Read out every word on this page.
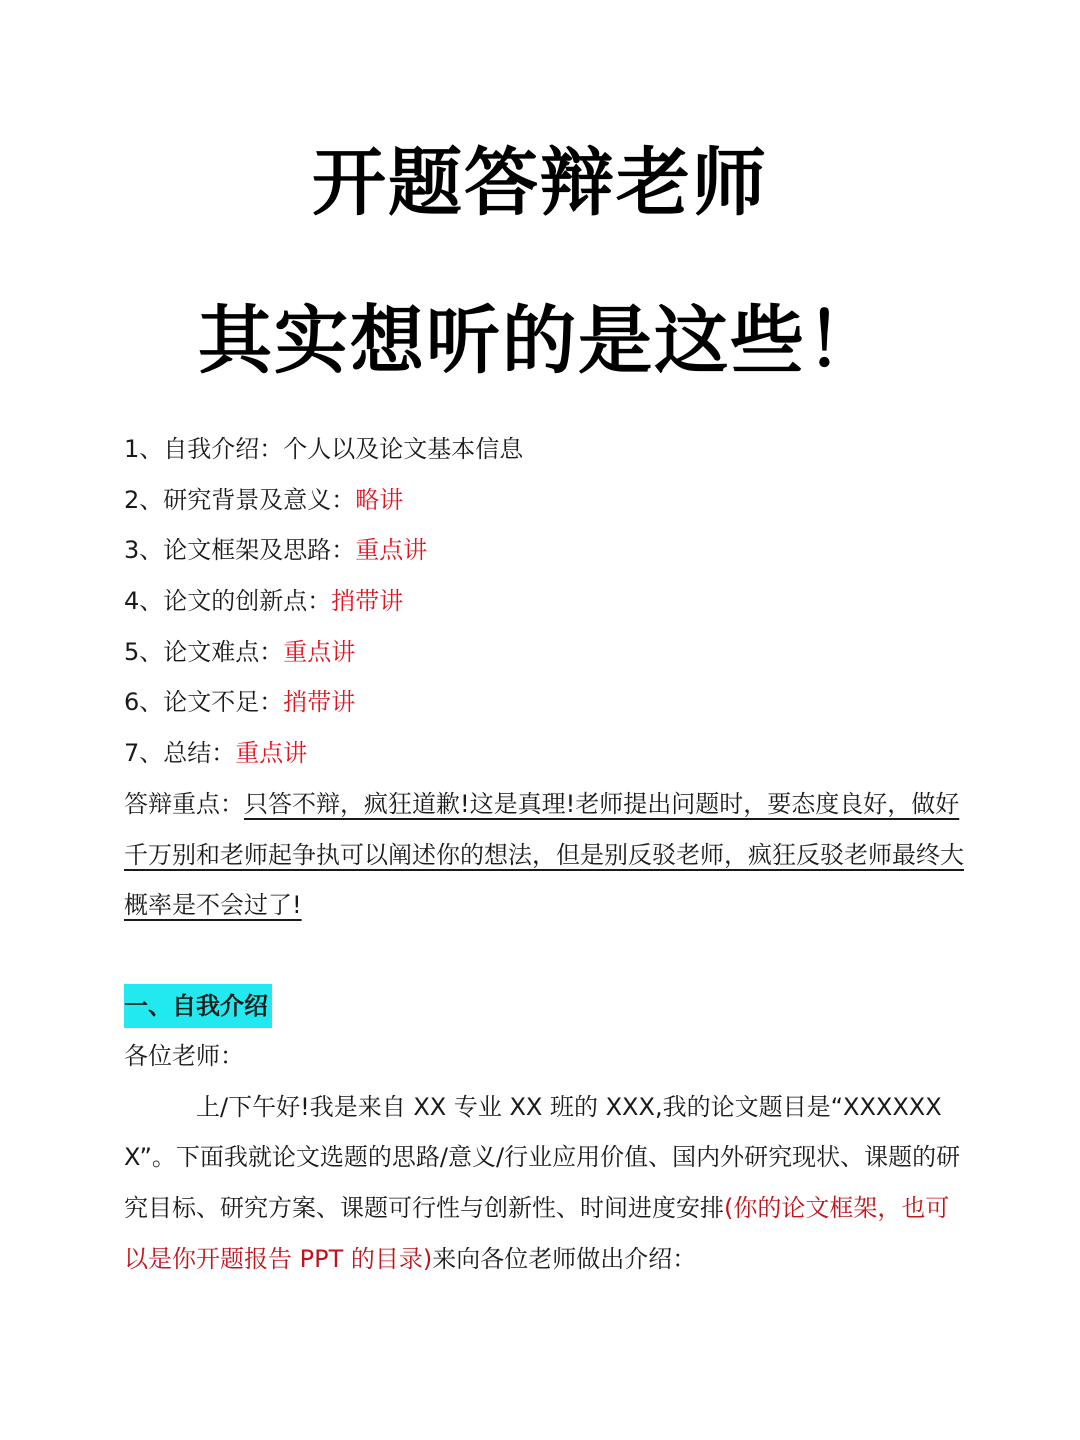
开题答辩老师
其实想听的是这些！

1、自我介绍：个人以及论文基本信息

2、研究背景及意义：略讲

3、论文框架及思路：重点讲

4、论文的创新点：捎带讲

5、论文难点：重点讲

6、论文不足：捎带讲

7、总结：重点讲

答辩重点：只答不辩，疯狂道歉!这是真理!老师提出问题时，要态度良好，做好千万别和老师起争执可以阐述你的想法，但是别反驳老师，疯狂反驳老师最终大概率是不会过了!

一、自我介绍

各位老师：

上/下午好!我是来自 XX 专业 XX 班的 XXX,我的论文题目是“XXXXXXX”。下面我就论文选题的思路/意义/行业应用价值、国内外研究现状、课题的研究目标、研究方案、课题可行性与创新性、时间进度安排(你的论文框架，也可以是你开题报告 PPT 的目录)来向各位老师做出介绍：
